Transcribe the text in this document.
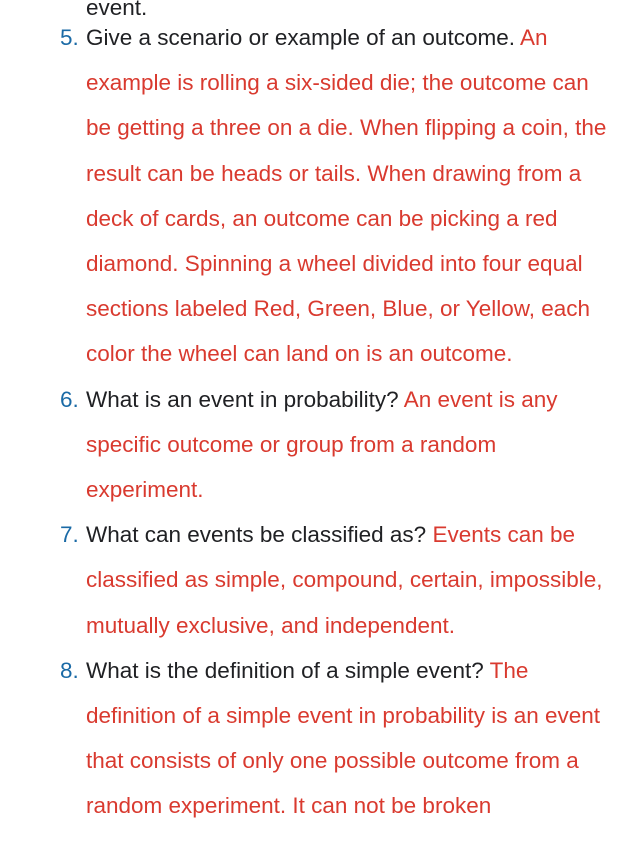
event.
5. Give a scenario or example of an outcome. An example is rolling a six-sided die; the outcome can be getting a three on a die. When flipping a coin, the result can be heads or tails. When drawing from a deck of cards, an outcome can be picking a red diamond. Spinning a wheel divided into four equal sections labeled Red, Green, Blue, or Yellow, each color the wheel can land on is an outcome.
6. What is an event in probability? An event is any specific outcome or group from a random experiment.
7. What can events be classified as? Events can be classified as simple, compound, certain, impossible, mutually exclusive, and independent.
8. What is the definition of a simple event? The definition of a simple event in probability is an event that consists of only one possible outcome from a random experiment. It can not be broken
